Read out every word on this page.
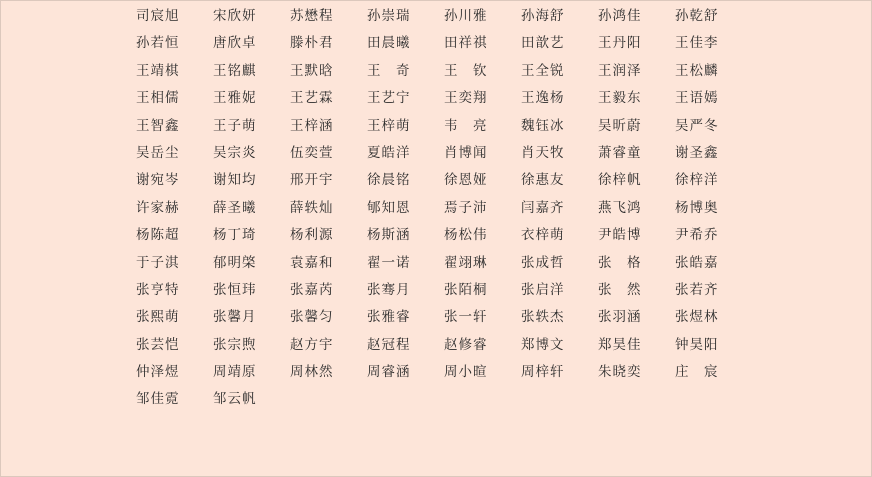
司宸旭	宋欣妍	苏懋程	孙崇瑞	孙川雅	孙海舒	孙鸿佳	孙乾舒
孙若恒	唐欣卓	滕朴君	田晨曦	田祥祺	田歆艺	王丹阳	王佳李
王靖棋	王铭麒	王默晗	王　奇	王　钦	王全锐	王润泽	王松麟
王相儒	王雅妮	王艺霖	王艺宁	王奕翔	王逸杨	王毅东	王语嫣
王智鑫	王子萌	王梓涵	王梓萌	韦　亮	魏钰冰	吴昕蔚	吴严冬
吴岳尘	吴宗炎	伍奕萱	夏皓洋	肖博闻	肖天牧	萧睿童	谢圣鑫
谢宛岑	谢知均	邢开宇	徐晨铭	徐恩娅	徐惠友	徐梓帆	徐梓洋
许家赫	薛圣曦	薛轶灿	郇知恩	焉子沛	闫嘉齐	燕飞鸿	杨博奥
杨陈超	杨丁琦	杨利源	杨斯涵	杨松伟	衣梓萌	尹皓博	尹希乔
于子淇	郁明棨	袁嘉和	翟一诺	翟翊琳	张成哲	张　格	张皓嘉
张亨特	张恒玮	张嘉芮	张骞月	张陌桐	张启洋	张　然	张若齐
张熙萌	张馨月	张馨匀	张雅睿	张一轩	张轶杰	张羽涵	张煜林
张芸恺	张宗煦	赵方宇	赵冠程	赵修睿	郑博文	郑昊佳	钟昊阳
仲泽煜	周靖原	周林然	周睿涵	周小暄	周梓轩	朱晓奕	庄　宸
邹佳霓	邹云帆
